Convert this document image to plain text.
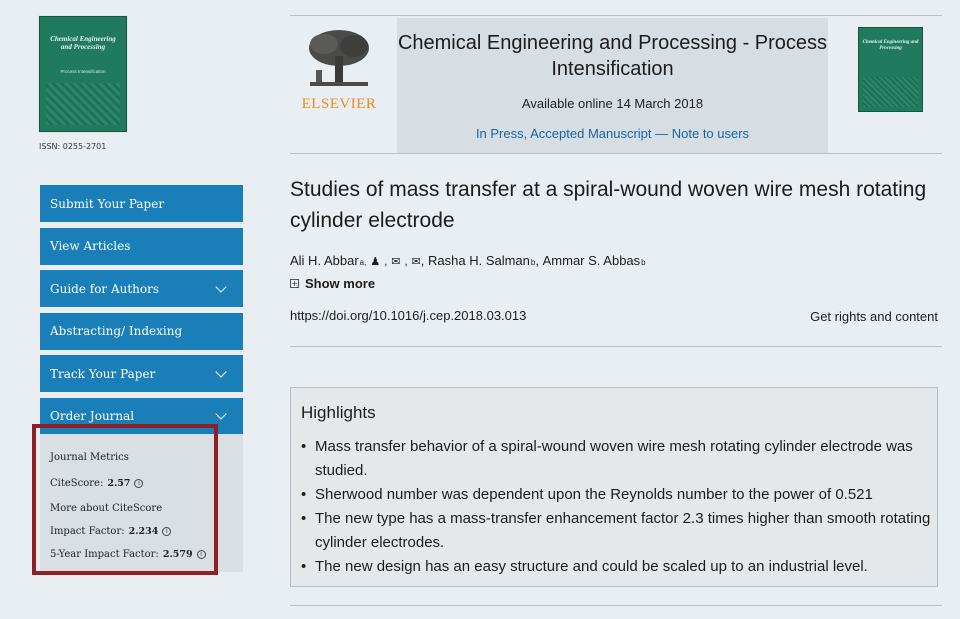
Chemical Engineering and Processing
Process Intensification
ISSN: 0255-2701
Submit Your Paper
View Articles
Guide for Authors
Abstracting/ Indexing
Track Your Paper
Order Journal
Journal Metrics
CiteScore: 2.57	i
More about CiteScore
Impact Factor: 2.234	i
5-Year Impact Factor: 2.579	i
ELSEVIER
Chemical Engineering and Processing - Process Intensification
Available online 14 March 2018
In Press, Accepted Manuscript — Note to users
Chemical Engineering and Processing
Studies of mass transfer at a spiral-wound woven wire mesh rotating cylinder electrode
Ali H. Abbar a, ♟ , ✉ , ✉ ,
Rasha H. Salman b ,
Ammar S. Abbas b
+ Show more
https://doi.org/10.1016/j.cep.2018.03.013	Get rights and content
Highlights
• Mass transfer behavior of a spiral-wound woven wire mesh rotating cylinder electrode was studied.
• Sherwood number was dependent upon the Reynolds number to the power of 0.521
• The new type has a mass-transfer enhancement factor 2.3 times higher than smooth rotating cylinder electrodes.
• The new design has an easy structure and could be scaled up to an industrial level.
